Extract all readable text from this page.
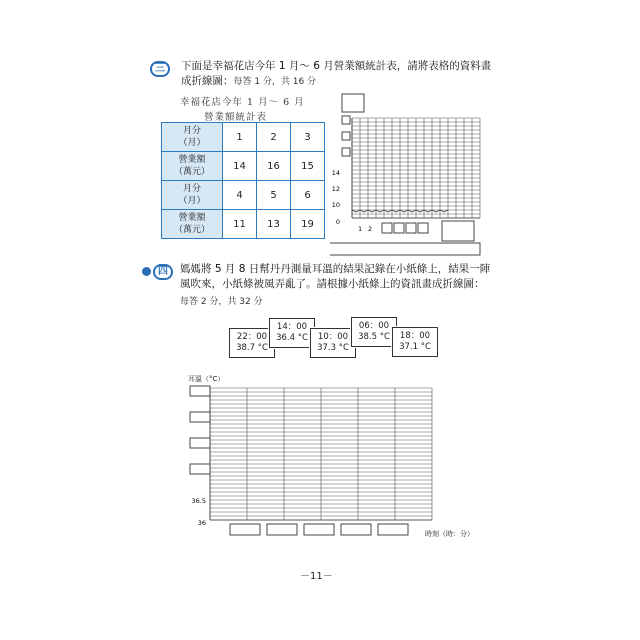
三	下面是幸福花店今年 1 月～ 6 月營業額統計表，請將表格的資料畫
成折線圖：每答 1 分，共 16 分
幸福花店今年 1 月～ 6 月
營業額統計表
月分
（月）	1	2	3

營業額
（萬元）	14	16	15

月分
（月）	4	5	6

營業額
（萬元）	11	13	19
14
12
10
0
1 2
四	媽媽將 5 月 8 日幫丹丹測量耳溫的結果記錄在小紙條上，結果一陣
風吹來，小紙條被風弄亂了。請根據小紙條上的資訊畫成折線圖：
每答 2 分，共 32 分
22：00
38.7 °C
14：00
36.4 °C	10：00
37.3 °C
06：00
38.5 °C	18：00
37.1 °C
耳溫（°C）
36.5
36
時刻（時：分）
－11－
